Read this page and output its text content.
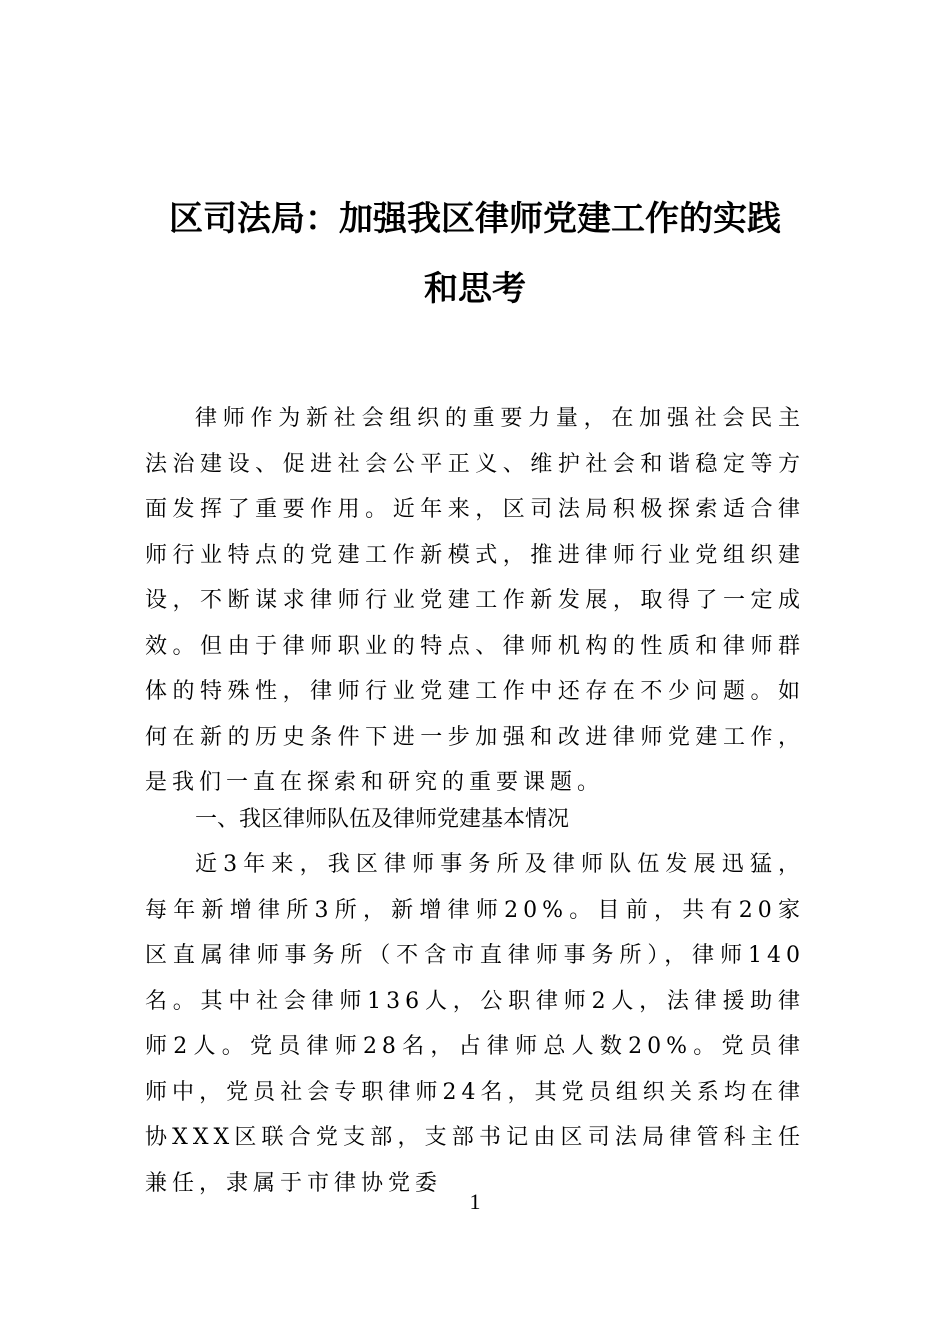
区司法局：加强我区律师党建工作的实践
和思考

律师作为新社会组织的重要力量，在加强社会民主法治建设、促进社会公平正义、维护社会和谐稳定等方面发挥了重要作用。近年来，区司法局积极探索适合律师行业特点的党建工作新模式，推进律师行业党组织建设，不断谋求律师行业党建工作新发展，取得了一定成效。但由于律师职业的特点、律师机构的性质和律师群体的特殊性，律师行业党建工作中还存在不少问题。如何在新的历史条件下进一步加强和改进律师党建工作，是我们一直在探索和研究的重要课题。

一、我区律师队伍及律师党建基本情况

近3年来，我区律师事务所及律师队伍发展迅猛，每年新增律所3所，新增律师20%。目前，共有20家区直属律师事务所（不含市直律师事务所），律师140名。其中社会律师136人，公职律师2人，法律援助律师2人。党员律师28名，占律师总人数20%。党员律师中，党员社会专职律师24名，其党员组织关系均在律协XXX区联合党支部，支部书记由区司法局律管科主任兼任，隶属于市律协党委

1
